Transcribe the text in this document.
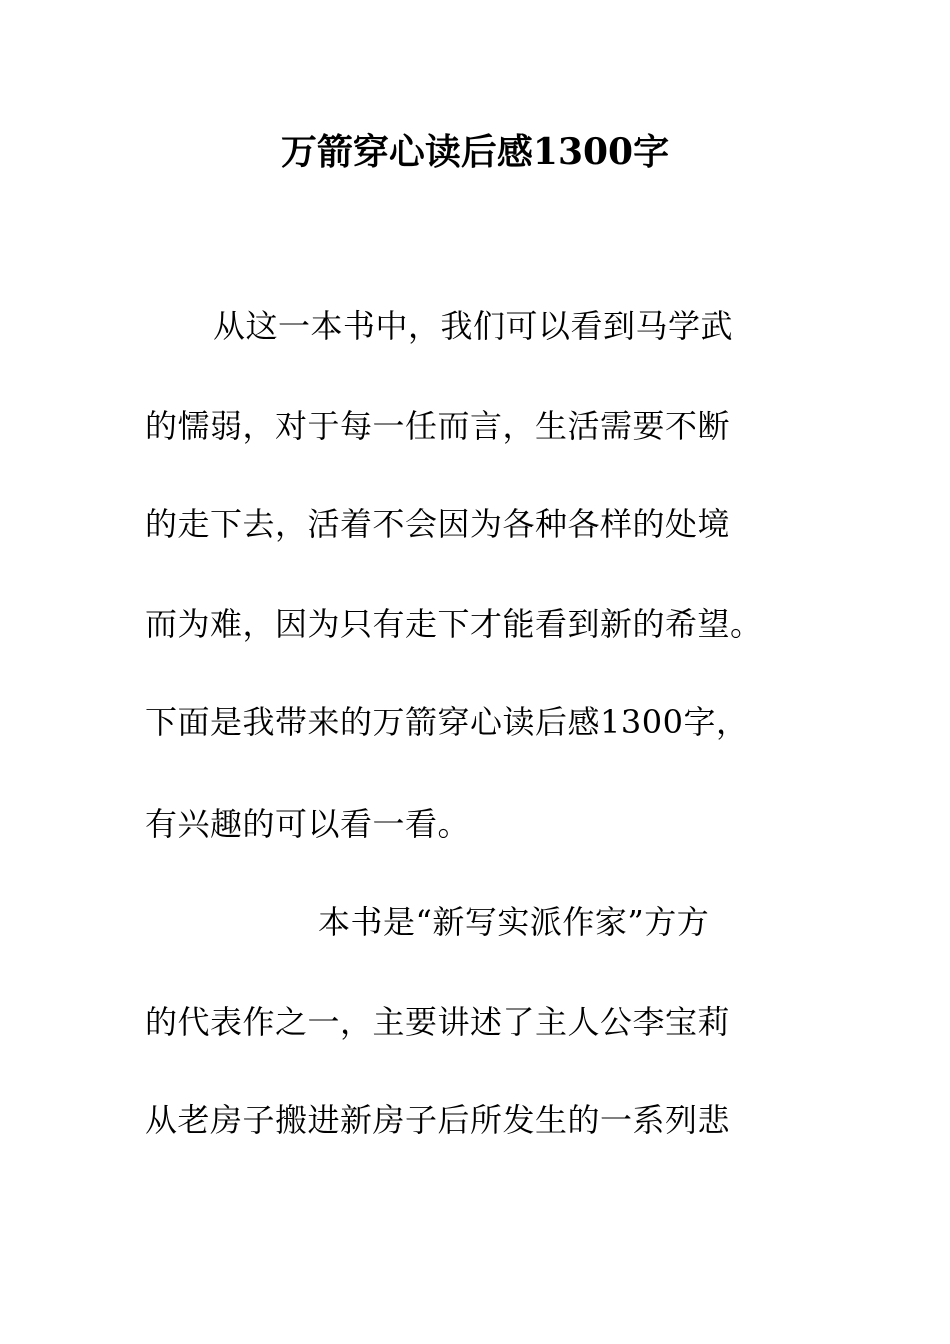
万箭穿心读后感1300字
从这一本书中，我们可以看到马学武
的懦弱，对于每一任而言，生活需要不断
的走下去，活着不会因为各种各样的处境
而为难，因为只有走下才能看到新的希望。
下面是我带来的万箭穿心读后感1300字，
有兴趣的可以看一看。
本书是“新写实派作家”方方
的代表作之一，主要讲述了主人公李宝莉
从老房子搬进新房子后所发生的一系列悲
